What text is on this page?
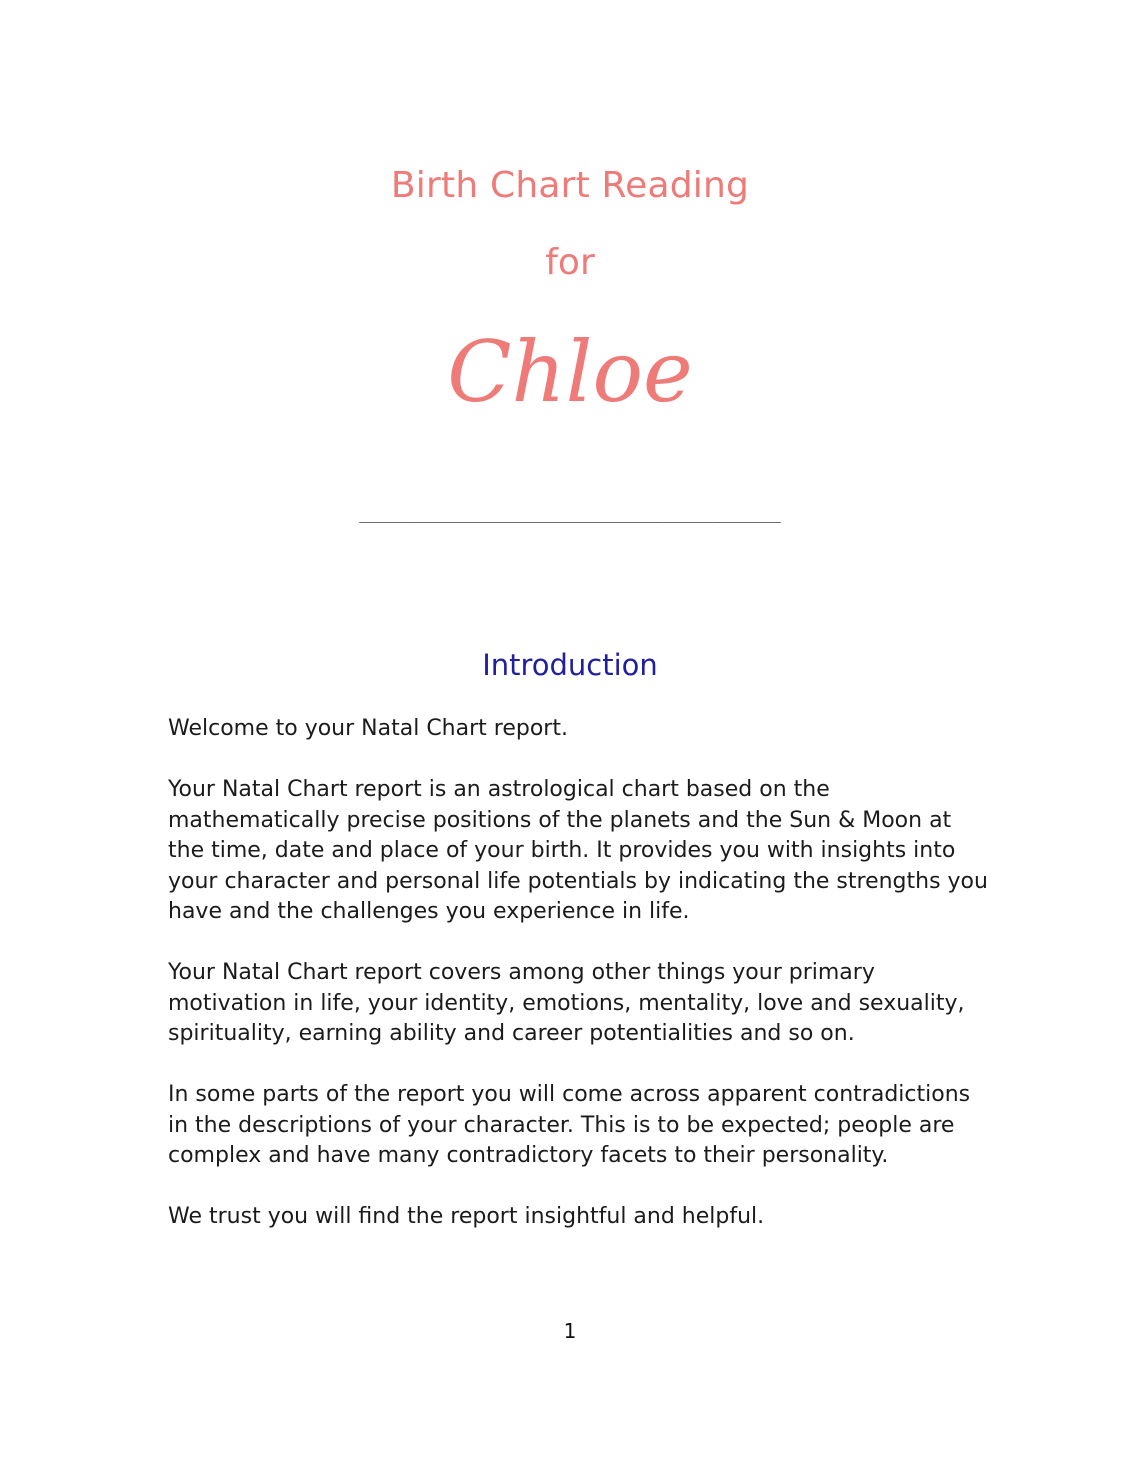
Birth Chart Reading
for
Chloe
_________________________
Introduction

Welcome to your Natal Chart report.

Your Natal Chart report is an astrological chart based on the mathematically precise positions of the planets and the Sun & Moon at the time, date and place of your birth. It provides you with insights into your character and personal life potentials by indicating the strengths you have and the challenges you experience in life.

Your Natal Chart report covers among other things your primary motivation in life, your identity, emotions, mentality, love and sexuality, spirituality, earning ability and career potentialities and so on.

In some parts of the report you will come across apparent contradictions in the descriptions of your character. This is to be expected; people are complex and have many contradictory facets to their personality.

We trust you will find the report insightful and helpful.

1
